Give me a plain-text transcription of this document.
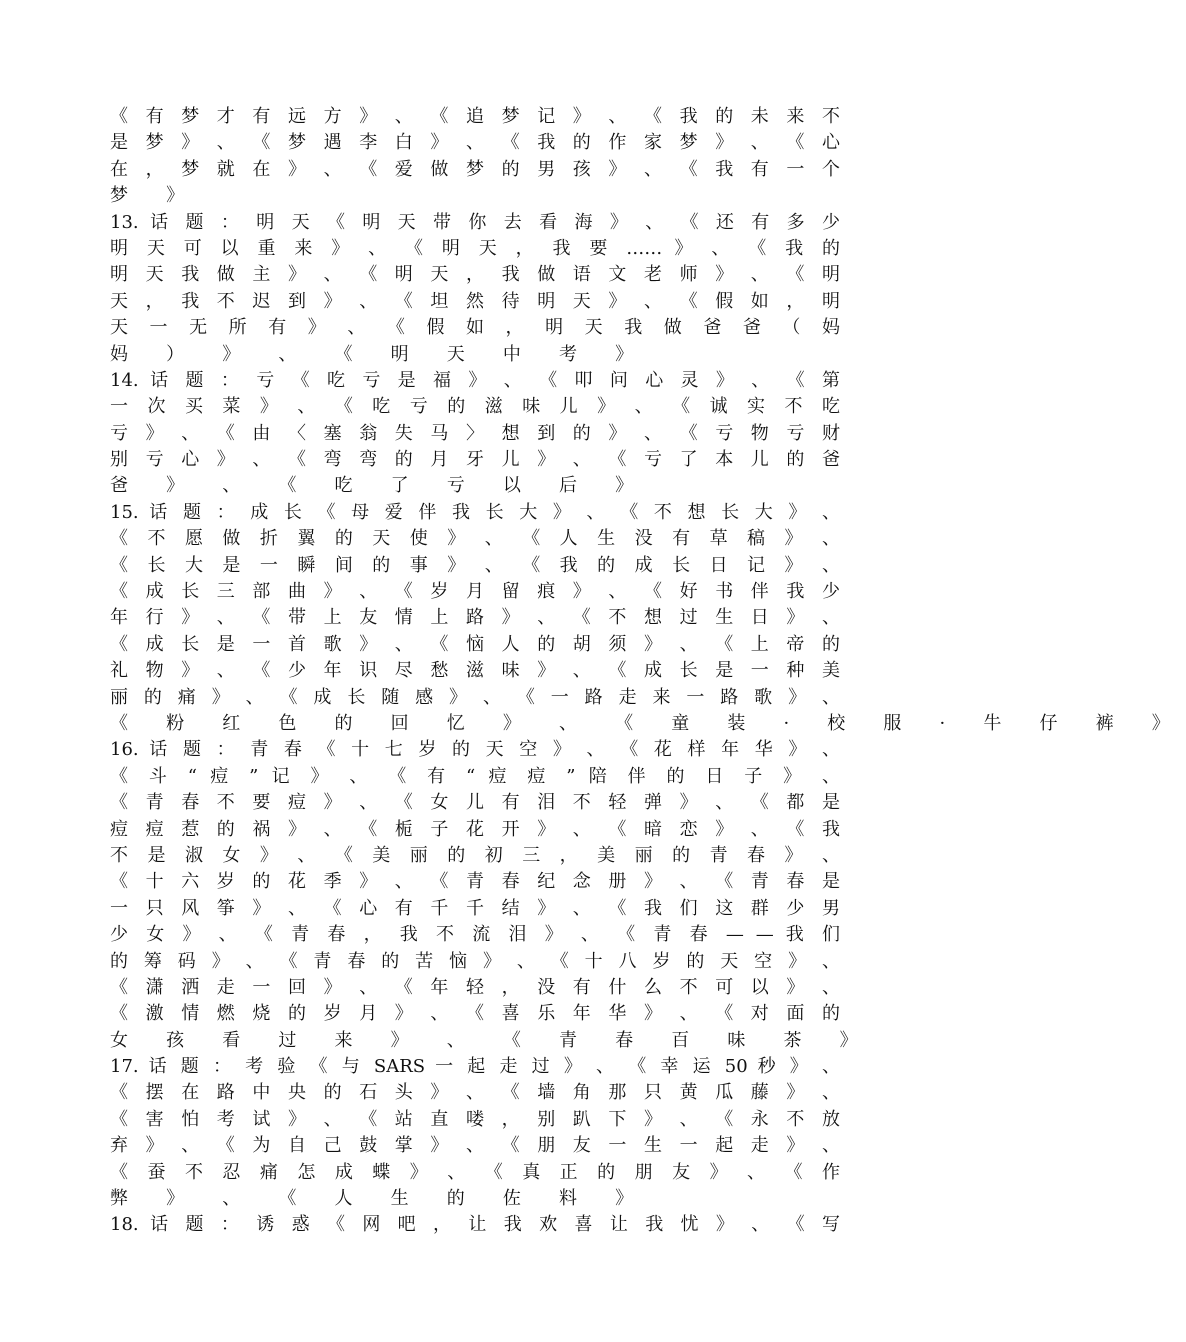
《 有 梦 才 有 远 方 》 、 《 追 梦 记 》 、 《 我 的 未 来 不
是 梦 》 、 《 梦 遇 李 白 》 、 《 我 的 作 家 梦 》 、 《 心
在 ， 梦 就 在 》 、 《 爱 做 梦 的 男 孩 》 、 《 我 有 一 个
梦 》
13. 话 题 ： 明 天 《 明 天 带 你 去 看 海 》 、 《 还 有 多 少
明 天 可 以 重 来 》 、 《 明 天 ， 我 要 …… 》 、 《 我 的
明 天 我 做 主 》 、 《 明 天 ， 我 做 语 文 老 师 》 、 《 明
天 ， 我 不 迟 到 》 、 《 坦 然 待 明 天 》 、 《 假 如 ， 明
天 一 无 所 有 》 、 《 假 如 ， 明 天 我 做 爸 爸 （ 妈
妈 ） 》 、 《 明 天 中 考 》
14. 话 题 ： 亏 《 吃 亏 是 福 》 、 《 叩 问 心 灵 》 、 《 第
一 次 买 菜 》 、 《 吃 亏 的 滋 味 儿 》 、 《 诚 实 不 吃
亏 》 、 《 由 〈 塞 翁 失 马 〉 想 到 的 》 、 《 亏 物 亏 财
别 亏 心 》 、 《 弯 弯 的 月 牙 儿 》 、 《 亏 了 本 儿 的 爸
爸 》 、 《 吃 了 亏 以 后 》
15. 话 题 ： 成 长 《 母 爱 伴 我 长 大 》 、 《 不 想 长 大 》 、
《 不 愿 做 折 翼 的 天 使 》 、 《 人 生 没 有 草 稿 》 、
《 长 大 是 一 瞬 间 的 事 》 、 《 我 的 成 长 日 记 》 、
《 成 长 三 部 曲 》 、 《 岁 月 留 痕 》 、 《 好 书 伴 我 少
年 行 》 、 《 带 上 友 情 上 路 》 、 《 不 想 过 生 日 》 、
《 成 长 是 一 首 歌 》 、 《 恼 人 的 胡 须 》 、 《 上 帝 的
礼 物 》 、 《 少 年 识 尽 愁 滋 味 》 、 《 成 长 是 一 种 美
丽 的 痛 》 、 《 成 长 随 感 》 、 《 一 路 走 来 一 路 歌 》 、
《 粉 红 色 的 回 忆 》 、 《 童 装 · 校 服 · 牛 仔 裤 》
16. 话 题 ： 青 春 《 十 七 岁 的 天 空 》 、 《 花 样 年 华 》 、
《 斗 “ 痘 ” 记 》 、 《 有 “ 痘 痘 ” 陪 伴 的 日 子 》 、
《 青 春 不 要 痘 》 、 《 女 儿 有 泪 不 轻 弹 》 、 《 都 是
痘 痘 惹 的 祸 》 、 《 栀 子 花 开 》 、 《 暗 恋 》 、 《 我
不 是 淑 女 》 、 《 美 丽 的 初 三 ， 美 丽 的 青 春 》 、
《 十 六 岁 的 花 季 》 、 《 青 春 纪 念 册 》 、 《 青 春 是
一 只 风 筝 》 、 《 心 有 千 千 结 》 、 《 我 们 这 群 少 男
少 女 》 、 《 青 春 ， 我 不 流 泪 》 、 《 青 春 — — 我 们
的 筹 码 》 、 《 青 春 的 苦 恼 》 、 《 十 八 岁 的 天 空 》 、
《 潇 洒 走 一 回 》 、 《 年 轻 ， 没 有 什 么 不 可 以 》 、
《 激 情 燃 烧 的 岁 月 》 、 《 喜 乐 年 华 》 、 《 对 面 的
女 孩 看 过 来 》 、 《 青 春 百 味 茶 》
17. 话 题 ： 考 验 《 与 SARS 一 起 走 过 》 、 《 幸 运 50 秒 》 、
《 摆 在 路 中 央 的 石 头 》 、 《 墙 角 那 只 黄 瓜 藤 》 、
《 害 怕 考 试 》 、 《 站 直 喽 ， 别 趴 下 》 、 《 永 不 放
弃 》 、 《 为 自 己 鼓 掌 》 、 《 朋 友 一 生 一 起 走 》 、
《 蚕 不 忍 痛 怎 成 蝶 》 、 《 真 正 的 朋 友 》 、 《 作
弊 》 、 《 人 生 的 佐 料 》
18. 话 题 ： 诱 惑 《 网 吧 ， 让 我 欢 喜 让 我 忧 》 、 《 写
